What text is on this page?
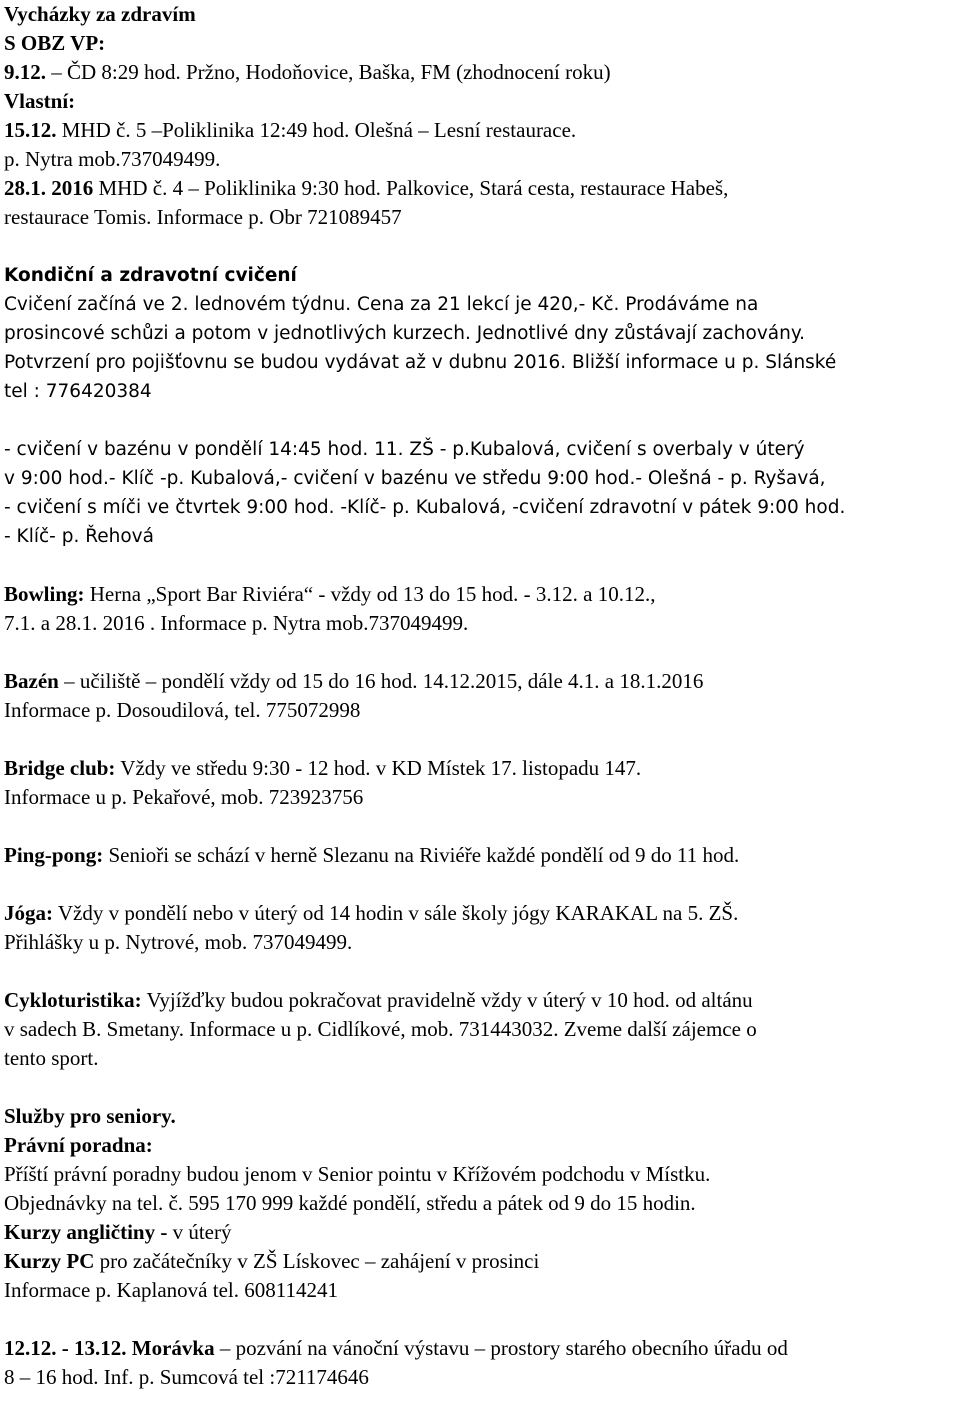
Vycházky za zdravím

S OBZ VP:

9.12. – ČD 8:29 hod. Pržno, Hodoňovice, Baška, FM (zhodnocení roku)

Vlastní:

15.12. MHD č. 5 –Poliklinika 12:49 hod. Olešná – Lesní restaurace.

p. Nytra mob.737049499.

28.1. 2016 MHD č. 4 – Poliklinika 9:30 hod. Palkovice, Stará cesta, restaurace Habeš,

restaurace Tomis. Informace p. Obr 721089457

Kondiční a zdravotní cvičení

Cvičení začíná ve 2. lednovém týdnu. Cena za 21 lekcí je 420,- Kč. Prodáváme na

prosincové schůzi a potom v jednotlivých kurzech. Jednotlivé dny zůstávají zachovány.

Potvrzení pro pojišťovnu se budou vydávat až v dubnu 2016. Bližší informace u p. Slánské

tel : 776420384

- cvičení v bazénu v pondělí 14:45 hod. 11. ZŠ - p.Kubalová, cvičení s overbaly v úterý

v 9:00 hod.- Klíč -p. Kubalová,- cvičení v bazénu ve středu 9:00 hod.- Olešná - p. Ryšavá,

- cvičení s míči ve čtvrtek 9:00 hod. -Klíč- p. Kubalová, -cvičení zdravotní v pátek 9:00 hod.

- Klíč- p. Řehová

Bowling: Herna „Sport Bar Riviéra“ - vždy od 13 do 15 hod. - 3.12. a 10.12.,

7.1. a 28.1. 2016 . Informace p. Nytra mob.737049499.

Bazén – učiliště – pondělí vždy od 15 do 16 hod. 14.12.2015, dále 4.1. a 18.1.2016

Informace p. Dosoudilová, tel. 775072998

Bridge club: Vždy ve středu 9:30 - 12 hod. v KD Místek 17. listopadu 147.

Informace u p. Pekařové, mob. 723923756

Ping-pong: Senioři se schází v herně Slezanu na Riviéře každé pondělí od 9 do 11 hod.

Jóga: Vždy v pondělí nebo v úterý od 14 hodin v sále školy jógy KARAKAL na 5. ZŠ.

Přihlášky u p. Nytrové, mob. 737049499.

Cykloturistika: Vyjížďky budou pokračovat pravidelně vždy v úterý v 10 hod. od altánu

v sadech B. Smetany. Informace u p. Cidlíkové, mob. 731443032. Zveme další zájemce o

tento sport.

Služby pro seniory.

Právní poradna:

Příští právní poradny budou jenom v Senior pointu v Křížovém podchodu v Místku.

Objednávky na tel. č. 595 170 999 každé pondělí, středu a pátek od 9 do 15 hodin.

Kurzy angličtiny - v úterý

Kurzy PC pro začátečníky v ZŠ Lískovec – zahájení v prosinci

Informace p. Kaplanová tel. 608114241

12.12. - 13.12. Morávka – pozvání na vánoční výstavu – prostory starého obecního úřadu od

8 – 16 hod. Inf. p. Sumcová tel :721174646
